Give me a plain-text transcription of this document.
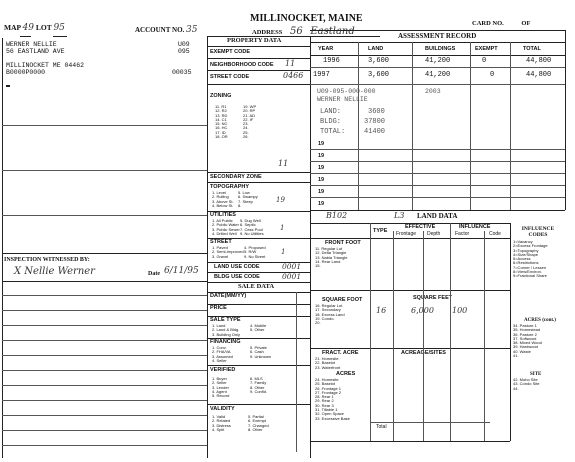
MAP 49 LOT 95	ACCOUNT NO. 35
MILLINOCKET, MAINE
ADDRESS 56 Eastland
CARD NO.	OF
WERNER NELLIE
56 EASTLAND AVE
MILLINOCKET ME 04462
B0000P0000
U09
095
00035
INSPECTION WITNESSED BY:
X Nellie Werner	Date 6/11/95
PROPERTY DATA
EXEMPT CODE
NEIGHBORHOOD CODE 11
STREET CODE	0466
ZONING
11. R1
12. R2
13. RD
14. C1
15. NC
16. HC
17. ID
18. OR
19. WP
20. RP
21. AD
22. IF
23.
24.
25.
26.
11
SECONDARY ZONE
TOPOGRAPHY
1. Level
2. Rolling
3. Above St.
4. Below St.
5. Low
6. Swampy
7. Steep
8.
19
UTILITIES
1. All Public
2. Public Water
3. Public Sewer
4. Drilled Well
5. Dug Well
6. Septic
7. Cess Pool
9. No Utilities
1
STREET
1. Paved
2. Semi-Improved
3. Gravel
4. Proposed
5. R/W
9. No Street
1
LAND USE CODE	0001
BLDG USE CODE	0001
SALE DATA
DATE(MM/YY)
PRICE
SALE TYPE
1. Land
2. Land & Bldg.
3. Building Only
4. Mobile
5. Other
FINANCING
1. Conv.
2. FHA/VA
3. Assumed
4. Seller
5. Private
6. Cash
9. Unknown
VERIFIED
1. Buyer
2. Seller
3. Lender
4. Agent
5. Record
6. MLS
7. Family
8. Other
9. Confid.
VALIDITY
1. Valid
2. Related
3. Distress
4. Split
5. Partial
6. Exempt
7. Changed
8. Other
ASSESSMENT RECORD
YEAR	LAND	BUILDINGS	EXEMPT	TOTAL
1996	3,600	41,200	0	44,800
1997	3,600	41,200	0	44,800
U09-095-000-000	2003
WERNER NELLIE
LAND:	3600
BLDG:	37800
TOTAL:	41400
19
19
19
19
19
19
B102	L3 LAND DATA
TYPE
EFFECTIVE
Frontage Depth
INFLUENCE
Factor	Code
FRONT FOOT
11. Regular Lot
12. Delta Triangle
13. Nabla Triangle
14. Rear Land
15.
SQUARE FOOT	SQUARE FEET
16. Regular Lot
17. Secondary
18. Excess Land
19. Condo.
20.
16	6,000 100
FRACT. ACRE	ACREAGE/SITES
21. Homesite
22. Baselot
23. Waterfront
ACRES
24. Homesite
25. Baselot
26. Frontage 1
27. Frontage 2
28. Rear 1
29. Rear 2
30. Rear 3
31. Tillable 1
32. Open Space
33. Excessive Base
Total
INFLUENCE CODES
1=Vacancy
2=Excess Frontage
3=Topography
4=Size/Shape
5=Access
6=Restrictions
7=Corner / Lessen
8=View/Environ.
9=Fractional Share
ACRES (cont.)
34. Pasture 1
35. Homestead
36. Pasture 2
37. Softwood
38. Mixed Wood
39. Hardwood
40. Waste
41.
SITE
42. Moho Site
43. Condo Site
44.
